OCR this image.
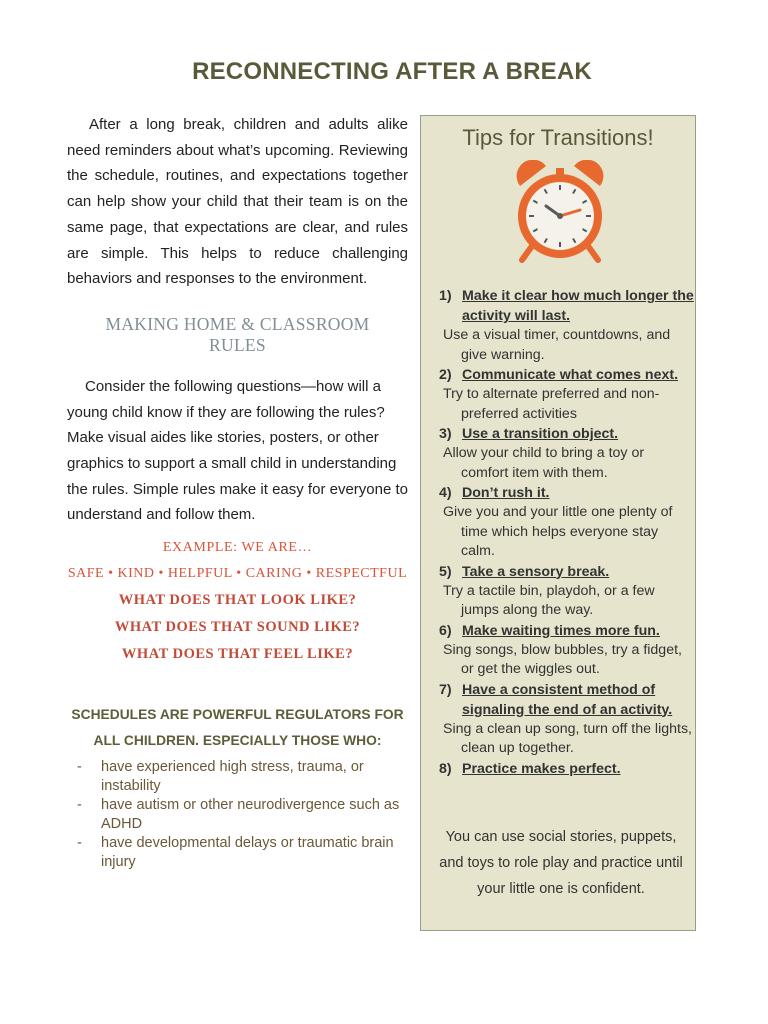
RECONNECTING AFTER A BREAK

After a long break, children and adults alike need reminders about what’s upcoming. Reviewing the schedule, routines, and expectations together can help show your child that their team is on the same page, that expectations are clear, and rules are simple. This helps to reduce challenging behaviors and responses to the environment.

MAKING HOME & CLASSROOM
RULES

Consider the following questions—how will a young child know if they are following the rules? Make visual aides like stories, posters, or other graphics to support a small child in understanding the rules. Simple rules make it easy for everyone to understand and follow them.

EXAMPLE: WE ARE…
SAFE • KIND • HELPFUL • CARING • RESPECTFUL
WHAT DOES THAT LOOK LIKE?
WHAT DOES THAT SOUND LIKE?
WHAT DOES THAT FEEL LIKE?
SCHEDULES ARE POWERFUL REGULATORS FOR
ALL CHILDREN. ESPECIALLY THOSE WHO:
- have experienced high stress, trauma, or instability
- have autism or other neurodivergence such as ADHD
- have developmental delays or traumatic brain injury
Tips for Transitions!
1) Make it clear how much longer the activity will last.
Use a visual timer, countdowns, and give warning.
2) Communicate what comes next.
Try to alternate preferred and non-preferred activities
3) Use a transition object.
Allow your child to bring a toy or comfort item with them.
4) Don’t rush it.
Give you and your little one plenty of time which helps everyone stay calm.
5) Take a sensory break.
Try a tactile bin, playdoh, or a few jumps along the way.
6) Make waiting times more fun.
Sing songs, blow bubbles, try a fidget, or get the wiggles out.
7) Have a consistent method of signaling the end of an activity.
Sing a clean up song, turn off the lights, clean up together.
8) Practice makes perfect.
You can use social stories, puppets, and toys to role play and practice until your little one is confident.
